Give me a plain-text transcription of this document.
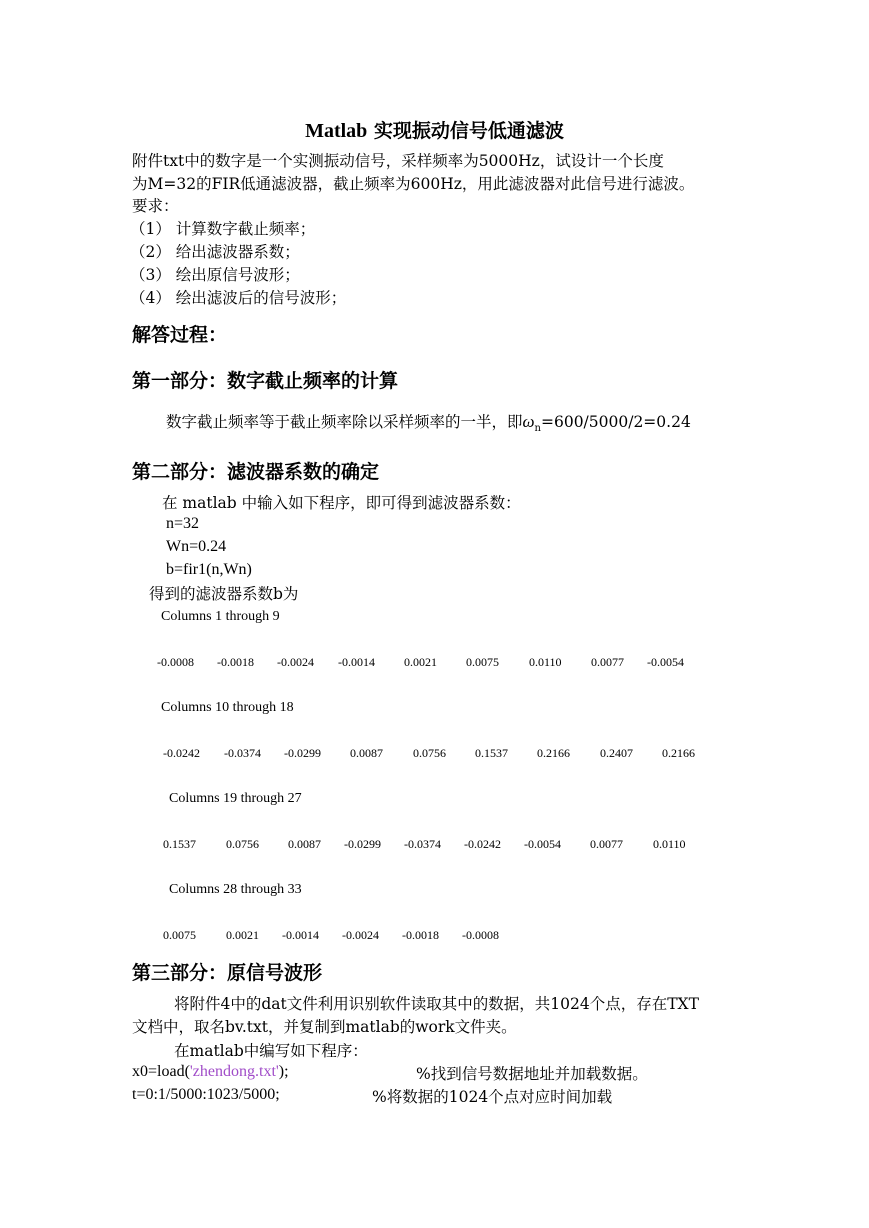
Matlab 实现振动信号低通滤波
附件txt中的数字是一个实测振动信号，采样频率为5000Hz，试设计一个长度
为M=32的FIR低通滤波器，截止频率为600Hz，用此滤波器对此信号进行滤波。
要求：
（1） 计算数字截止频率；
（2） 给出滤波器系数；
（3） 绘出原信号波形；
（4） 绘出滤波后的信号波形；
解答过程：
第一部分：数字截止频率的计算
数字截止频率等于截止频率除以采样频率的一半，即$\omega_n=600/5000/2=0.24$
第二部分：滤波器系数的确定
在 matlab 中输入如下程序，即可得到滤波器系数：
n=32
Wn=0.24
b=fir1(n,Wn)
得到的滤波器系数b为
Columns 1 through 9
-0.0008 -0.0018 -0.0024 -0.0014 0.0021 0.0075	0.0110 0.0077 -0.0054
Columns 10 through 18
-0.0242 -0.0374 -0.0299 0.0087	0.0756 0.1537 0.2166	0.2407 0.2166
Columns 19 through 27
0.1537	0.0756 0.0087 -0.0299 -0.0374 -0.0242 -0.0054 0.0077	0.0110
Columns 28 through 33
0.0075	0.0021 -0.0014 -0.0024 -0.0018 -0.0008
第三部分：原信号波形
将附件4中的dat文件利用识别软件读取其中的数据，共1024个点，存在TXT
文档中，取名bv.txt，并复制到matlab的work文件夹。
在matlab中编写如下程序：
x0=load('zhendong.txt');	%找到信号数据地址并加载数据。
t=0:1/5000:1023/5000;	%将数据的1024个点对应时间加载
